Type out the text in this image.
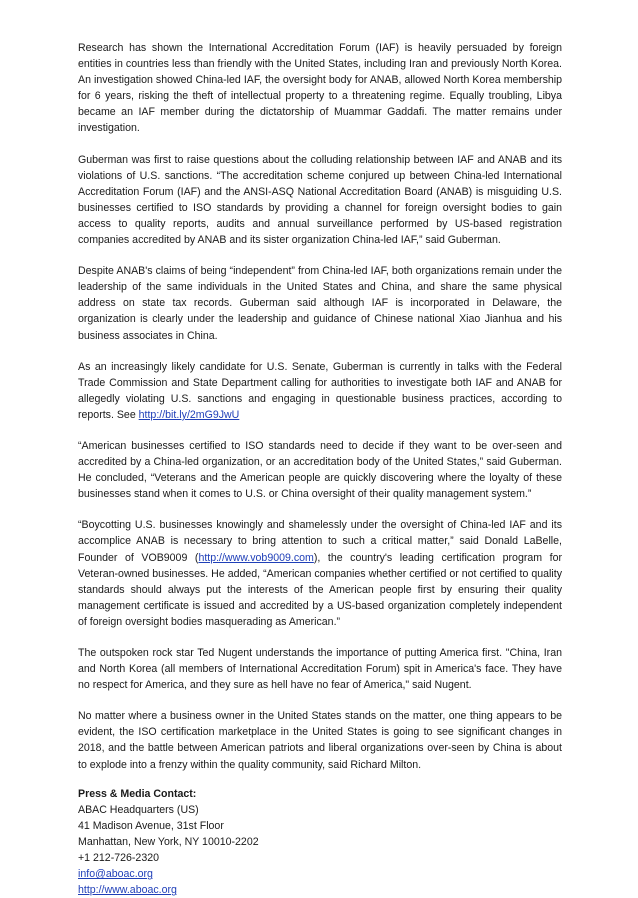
Research has shown the International Accreditation Forum (IAF) is heavily persuaded by foreign entities in countries less than friendly with the United States, including Iran and previously North Korea. An investigation showed China-led IAF, the oversight body for ANAB, allowed North Korea membership for 6 years, risking the theft of intellectual property to a threatening regime. Equally troubling, Libya became an IAF member during the dictatorship of Muammar Gaddafi. The matter remains under investigation.

Guberman was first to raise questions about the colluding relationship between IAF and ANAB and its violations of U.S. sanctions. “The accreditation scheme conjured up between China-led International Accreditation Forum (IAF) and the ANSI-ASQ National Accreditation Board (ANAB) is misguiding U.S. businesses certified to ISO standards by providing a channel for foreign oversight bodies to gain access to quality reports, audits and annual surveillance performed by US-based registration companies accredited by ANAB and its sister organization China-led IAF,” said Guberman.

Despite ANAB's claims of being “independent” from China-led IAF, both organizations remain under the leadership of the same individuals in the United States and China, and share the same physical address on state tax records. Guberman said although IAF is incorporated in Delaware, the organization is clearly under the leadership and guidance of Chinese national Xiao Jianhua and his business associates in China.

As an increasingly likely candidate for U.S. Senate, Guberman is currently in talks with the Federal Trade Commission and State Department calling for authorities to investigate both IAF and ANAB for allegedly violating U.S. sanctions and engaging in questionable business practices, according to reports. See http://bit.ly/2mG9JwU

“American businesses certified to ISO standards need to decide if they want to be over-seen and accredited by a China-led organization, or an accreditation body of the United States,” said Guberman. He concluded, “Veterans and the American people are quickly discovering where the loyalty of these businesses stand when it comes to U.S. or China oversight of their quality management system.”

“Boycotting U.S. businesses knowingly and shamelessly under the oversight of China-led IAF and its accomplice ANAB is necessary to bring attention to such a critical matter,” said Donald LaBelle, Founder of VOB9009 (http://www.vob9009.com), the country's leading certification program for Veteran-owned businesses. He added, “American companies whether certified or not certified to quality standards should always put the interests of the American people first by ensuring their quality management certificate is issued and accredited by a US-based organization completely independent of foreign oversight bodies masquerading as American.”

The outspoken rock star Ted Nugent understands the importance of putting America first. "China, Iran and North Korea (all members of International Accreditation Forum) spit in America's face. They have no respect for America, and they sure as hell have no fear of America," said Nugent.

No matter where a business owner in the United States stands on the matter, one thing appears to be evident, the ISO certification marketplace in the United States is going to see significant changes in 2018, and the battle between American patriots and liberal organizations over-seen by China is about to explode into a frenzy within the quality community, said Richard Milton.

Press & Media Contact:
ABAC Headquarters (US)
41 Madison Avenue, 31st Floor
Manhattan, New York, NY 10010-2202
+1 212-726-2320
info@aboac.org
http://www.aboac.org
